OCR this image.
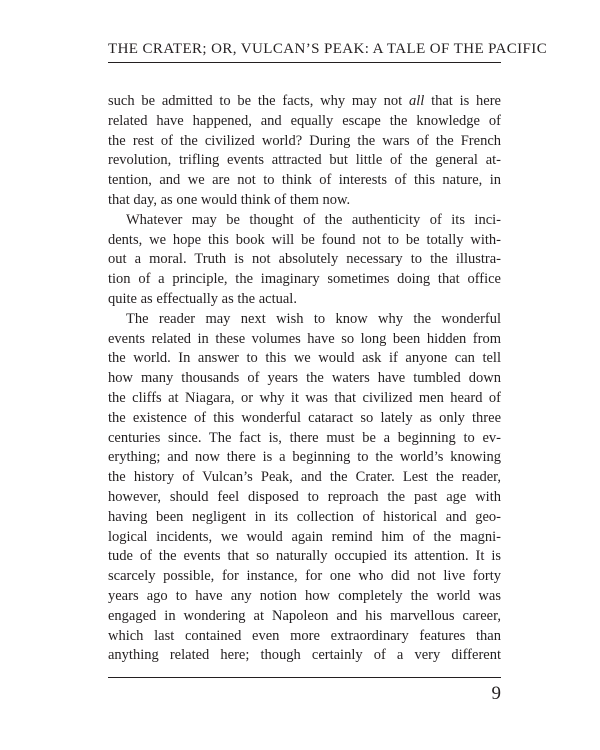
THE CRATER; OR, VULCAN’S PEAK: A TALE OF THE PACIFIC
such be admitted to be the facts, why may not all that is here
related have happened, and equally escape the knowledge of
the rest of the civilized world? During the wars of the French
revolution, trifling events attracted but little of the general at-
tention, and we are not to think of interests of this nature, in
that day, as one would think of them now.
Whatever may be thought of the authenticity of its inci-
dents, we hope this book will be found not to be totally with-
out a moral. Truth is not absolutely necessary to the illustra-
tion of a principle, the imaginary sometimes doing that office
quite as effectually as the actual.
The reader may next wish to know why the wonderful
events related in these volumes have so long been hidden from
the world. In answer to this we would ask if anyone can tell
how many thousands of years the waters have tumbled down
the cliffs at Niagara, or why it was that civilized men heard of
the existence of this wonderful cataract so lately as only three
centuries since. The fact is, there must be a beginning to ev-
erything; and now there is a beginning to the world’s knowing
the history of Vulcan’s Peak, and the Crater. Lest the reader,
however, should feel disposed to reproach the past age with
having been negligent in its collection of historical and geo-
logical incidents, we would again remind him of the magni-
tude of the events that so naturally occupied its attention. It is
scarcely possible, for instance, for one who did not live forty
years ago to have any notion how completely the world was
engaged in wondering at Napoleon and his marvellous career,
which last contained even more extraordinary features than
anything related here; though certainly of a very different
9
